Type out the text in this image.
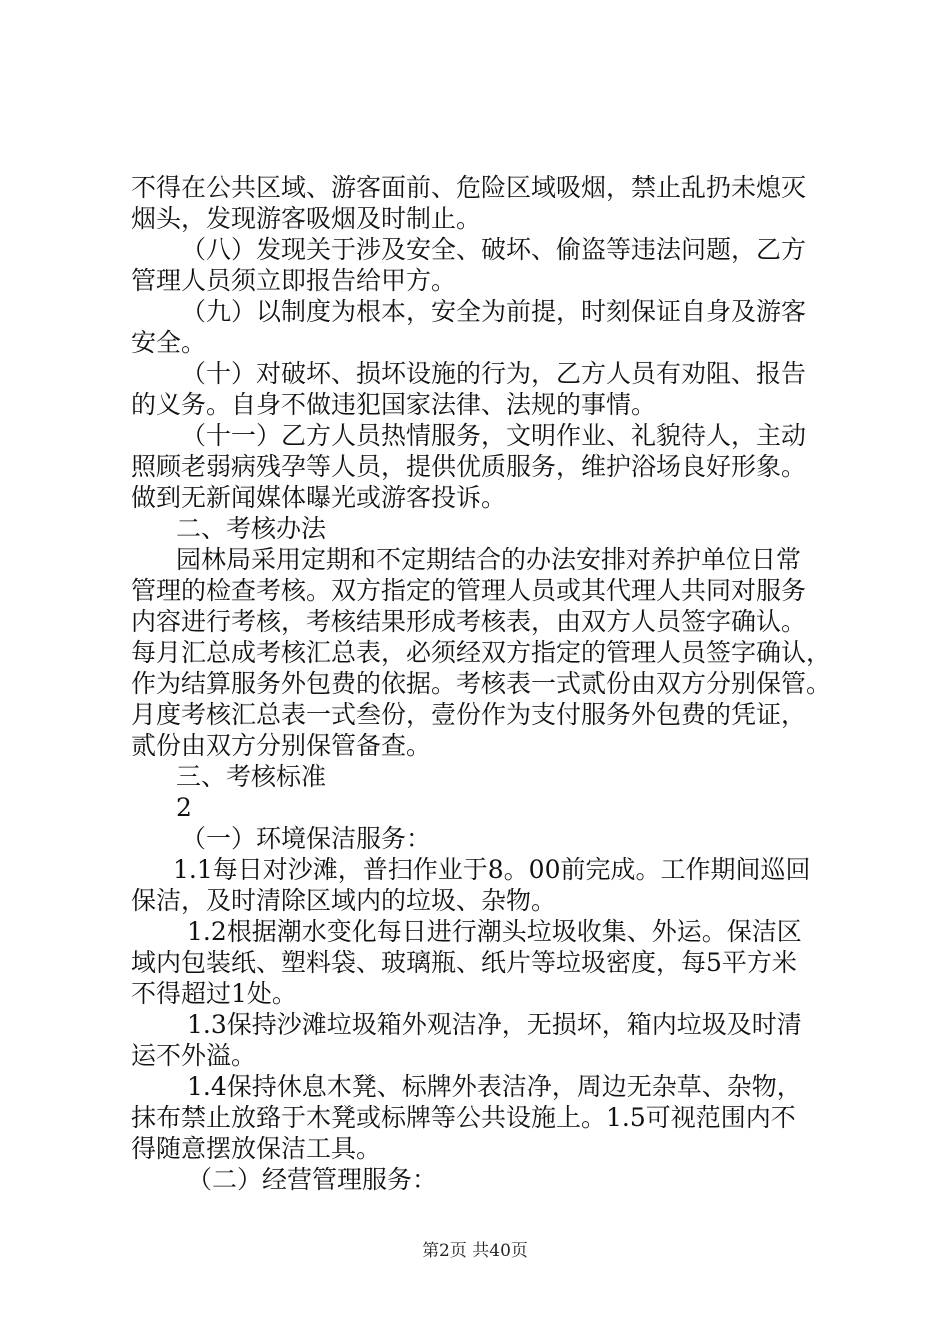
不得在公共区域、游客面前、危险区域吸烟，禁止乱扔未熄灭
烟头，发现游客吸烟及时制止。
（八）发现关于涉及安全、破坏、偷盗等违法问题，乙方
管理人员须立即报告给甲方。
（九）以制度为根本，安全为前提，时刻保证自身及游客
安全。
（十）对破坏、损坏设施的行为，乙方人员有劝阻、报告
的义务。自身不做违犯国家法律、法规的事情。
（十一）乙方人员热情服务，文明作业、礼貌待人，主动
照顾老弱病残孕等人员，提供优质服务，维护浴场良好形象。
做到无新闻媒体曝光或游客投诉。
二、考核办法
园林局采用定期和不定期结合的办法安排对养护单位日常
管理的检查考核。双方指定的管理人员或其代理人共同对服务
内容进行考核，考核结果形成考核表，由双方人员签字确认。
每月汇总成考核汇总表，必须经双方指定的管理人员签字确认，
作为结算服务外包费的依据。考核表一式贰份由双方分别保管。
月度考核汇总表一式叁份，壹份作为支付服务外包费的凭证，
贰份由双方分别保管备查。
三、考核标准
2
（一）环境保洁服务：
1.1每日对沙滩，普扫作业于8。00前完成。工作期间巡回
保洁，及时清除区域内的垃圾、杂物。
1.2根据潮水变化每日进行潮头垃圾收集、外运。保洁区
域内包装纸、塑料袋、玻璃瓶、纸片等垃圾密度，每5平方米
不得超过1处。
1.3保持沙滩垃圾箱外观洁净，无损坏，箱内垃圾及时清
运不外溢。
1.4保持休息木凳、标牌外表洁净，周边无杂草、杂物，
抹布禁止放臵于木凳或标牌等公共设施上。1.5可视范围内不
得随意摆放保洁工具。
（二）经营管理服务：
第2页 共40页
